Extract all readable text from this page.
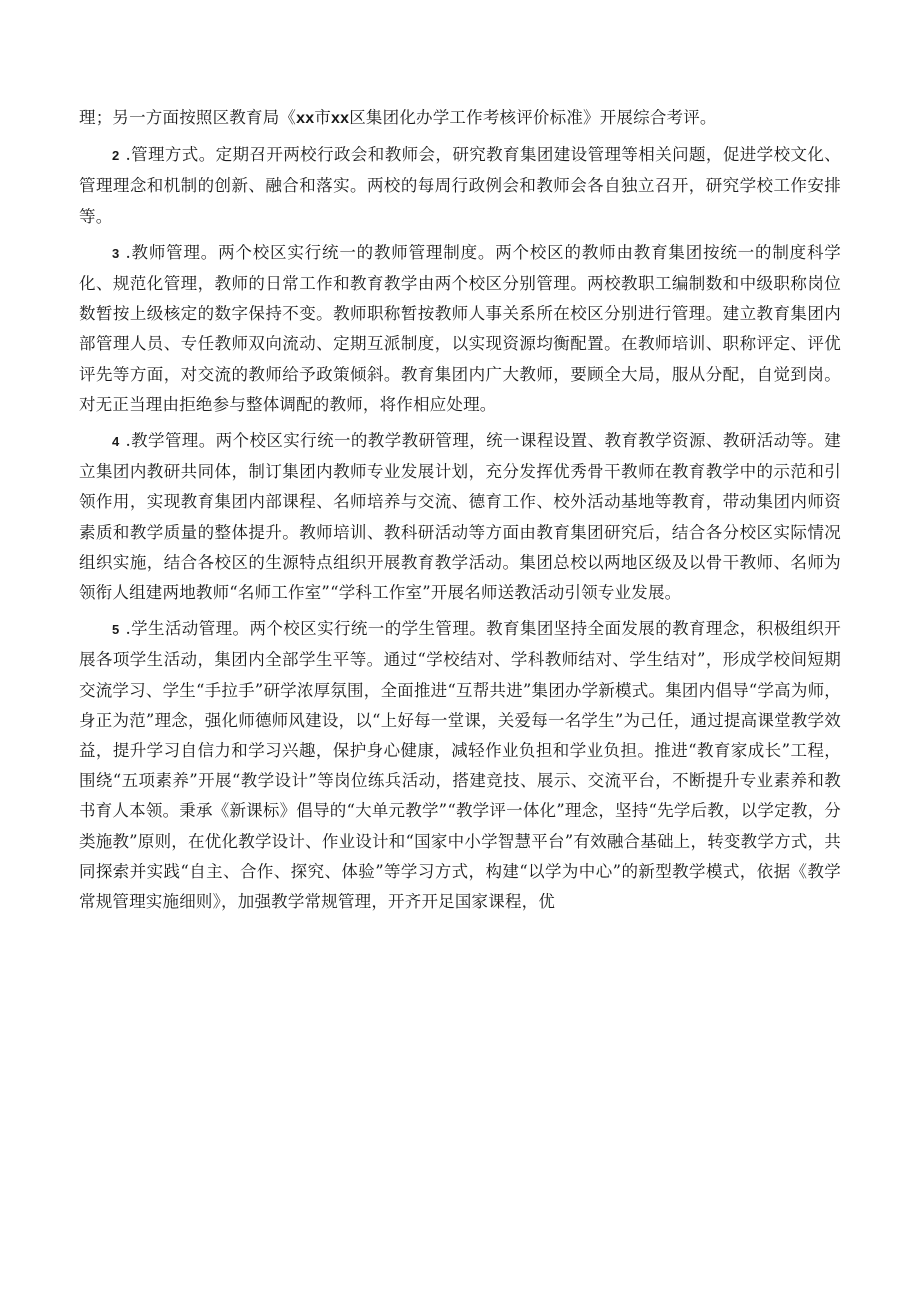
理；另一方面按照区教育局《xx市xx区集团化办学工作考核评价标准》开展综合考评。

2 .管理方式。定期召开两校行政会和教师会，研究教育集团建设管理等相关问题，促进学校文化、管理理念和机制的创新、融合和落实。两校的每周行政例会和教师会各自独立召开，研究学校工作安排等。

3 .教师管理。两个校区实行统一的教师管理制度。两个校区的教师由教育集团按统一的制度科学化、规范化管理，教师的日常工作和教育教学由两个校区分别管理。两校教职工编制数和中级职称岗位数暂按上级核定的数字保持不变。教师职称暂按教师人事关系所在校区分别进行管理。建立教育集团内部管理人员、专任教师双向流动、定期互派制度，以实现资源均衡配置。在教师培训、职称评定、评优评先等方面，对交流的教师给予政策倾斜。教育集团内广大教师，要顾全大局，服从分配，自觉到岗。对无正当理由拒绝参与整体调配的教师，将作相应处理。

4 .教学管理。两个校区实行统一的教学教研管理，统一课程设置、教育教学资源、教研活动等。建立集团内教研共同体，制订集团内教师专业发展计划，充分发挥优秀骨干教师在教育教学中的示范和引领作用，实现教育集团内部课程、名师培养与交流、德育工作、校外活动基地等教育，带动集团内师资素质和教学质量的整体提升。教师培训、教科研活动等方面由教育集团研究后，结合各分校区实际情况组织实施，结合各校区的生源特点组织开展教育教学活动。集团总校以两地区级及以骨干教师、名师为领衔人组建两地教师“名师工作室”“学科工作室”开展名师送教活动引领专业发展。

5 .学生活动管理。两个校区实行统一的学生管理。教育集团坚持全面发展的教育理念，积极组织开展各项学生活动，集团内全部学生平等。通过“学校结对、学科教师结对、学生结对”，形成学校间短期交流学习、学生“手拉手”研学浓厚氛围，全面推进“互帮共进”集团办学新模式。集团内倡导“学高为师，身正为范”理念，强化师德师风建设，以“上好每一堂课，关爱每一名学生”为己任，通过提高课堂教学效益，提升学习自信力和学习兴趣，保护身心健康，减轻作业负担和学业负担。推进“教育家成长”工程，围绕“五项素养”开展“教学设计”等岗位练兵活动，搭建竞技、展示、交流平台，不断提升专业素养和教书育人本领。秉承《新课标》倡导的“大单元教学”“教学评一体化”理念，坚持“先学后教，以学定教，分类施教”原则，在优化教学设计、作业设计和“国家中小学智慧平台”有效融合基础上，转变教学方式，共同探索并实践“自主、合作、探究、体验”等学习方式，构建“以学为中心”的新型教学模式，依据《教学常规管理实施细则》，加强教学常规管理，开齐开足国家课程，优
